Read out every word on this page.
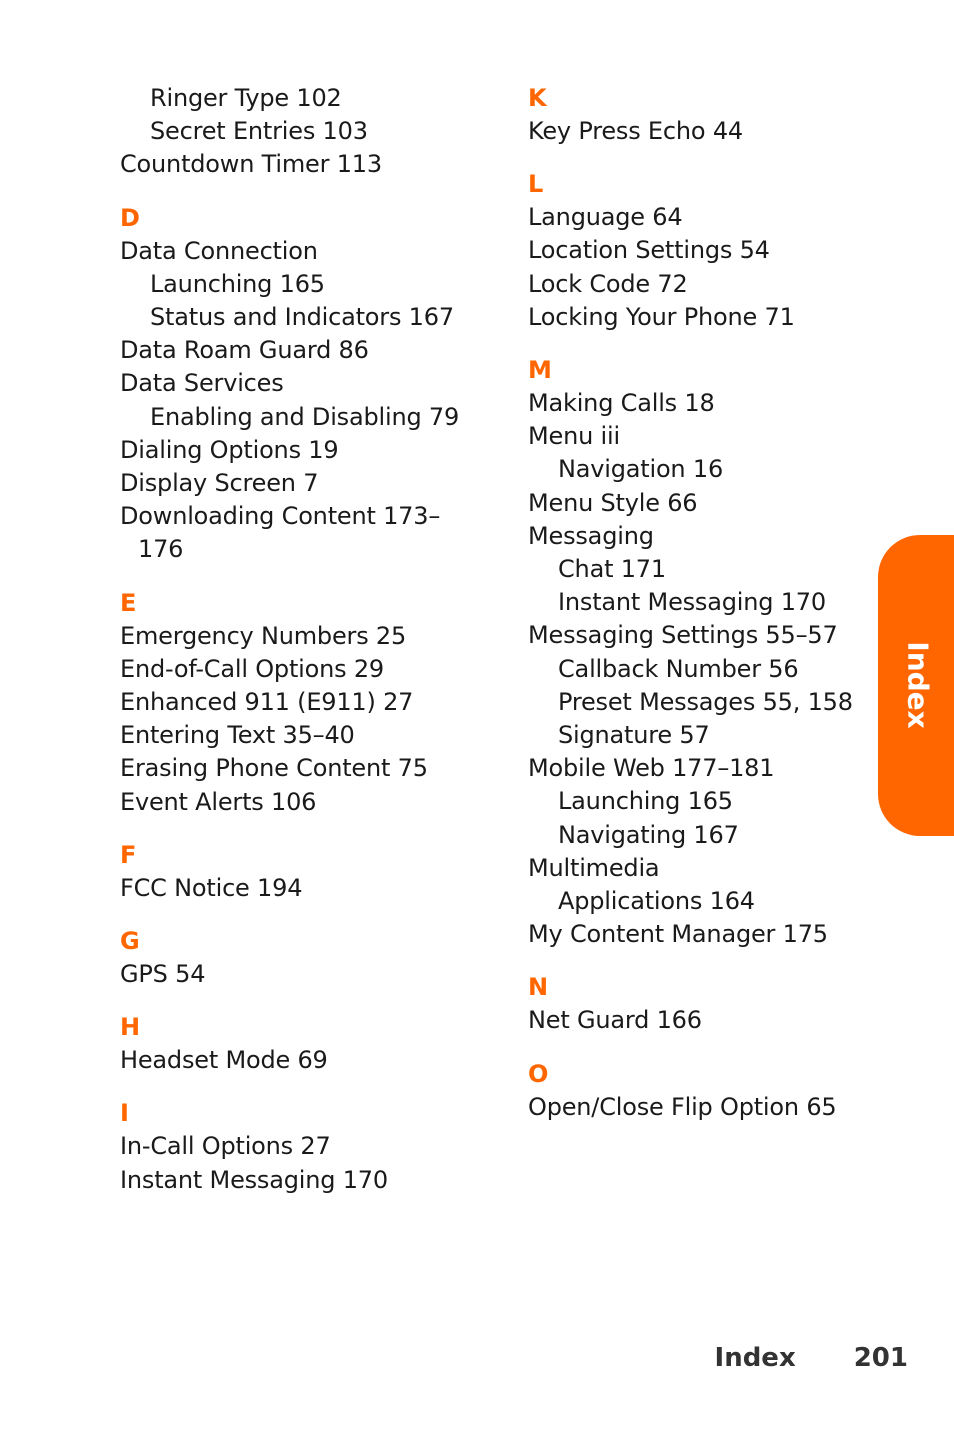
Ringer Type 102
Secret Entries 103
Countdown Timer 113
D
Data Connection
Launching 165
Status and Indicators 167
Data Roam Guard 86
Data Services
Enabling and Disabling 79
Dialing Options 19
Display Screen 7
Downloading Content 173–
176
E
Emergency Numbers 25
End-of-Call Options 29
Enhanced 911 (E911) 27
Entering Text 35–40
Erasing Phone Content 75
Event Alerts 106
F
FCC Notice 194
G
GPS 54
H
Headset Mode 69
I
In-Call Options 27
Instant Messaging 170
K
Key Press Echo 44
L
Language 64
Location Settings 54
Lock Code 72
Locking Your Phone 71
M
Making Calls 18
Menu iii
Navigation 16
Menu Style 66
Messaging
Chat 171
Instant Messaging 170
Messaging Settings 55–57
Callback Number 56
Preset Messages 55, 158
Signature 57
Mobile Web 177–181
Launching 165
Navigating 167
Multimedia
Applications 164
My Content Manager 175
N
Net Guard 166
O
Open/Close Flip Option 65
Index
Index 201
